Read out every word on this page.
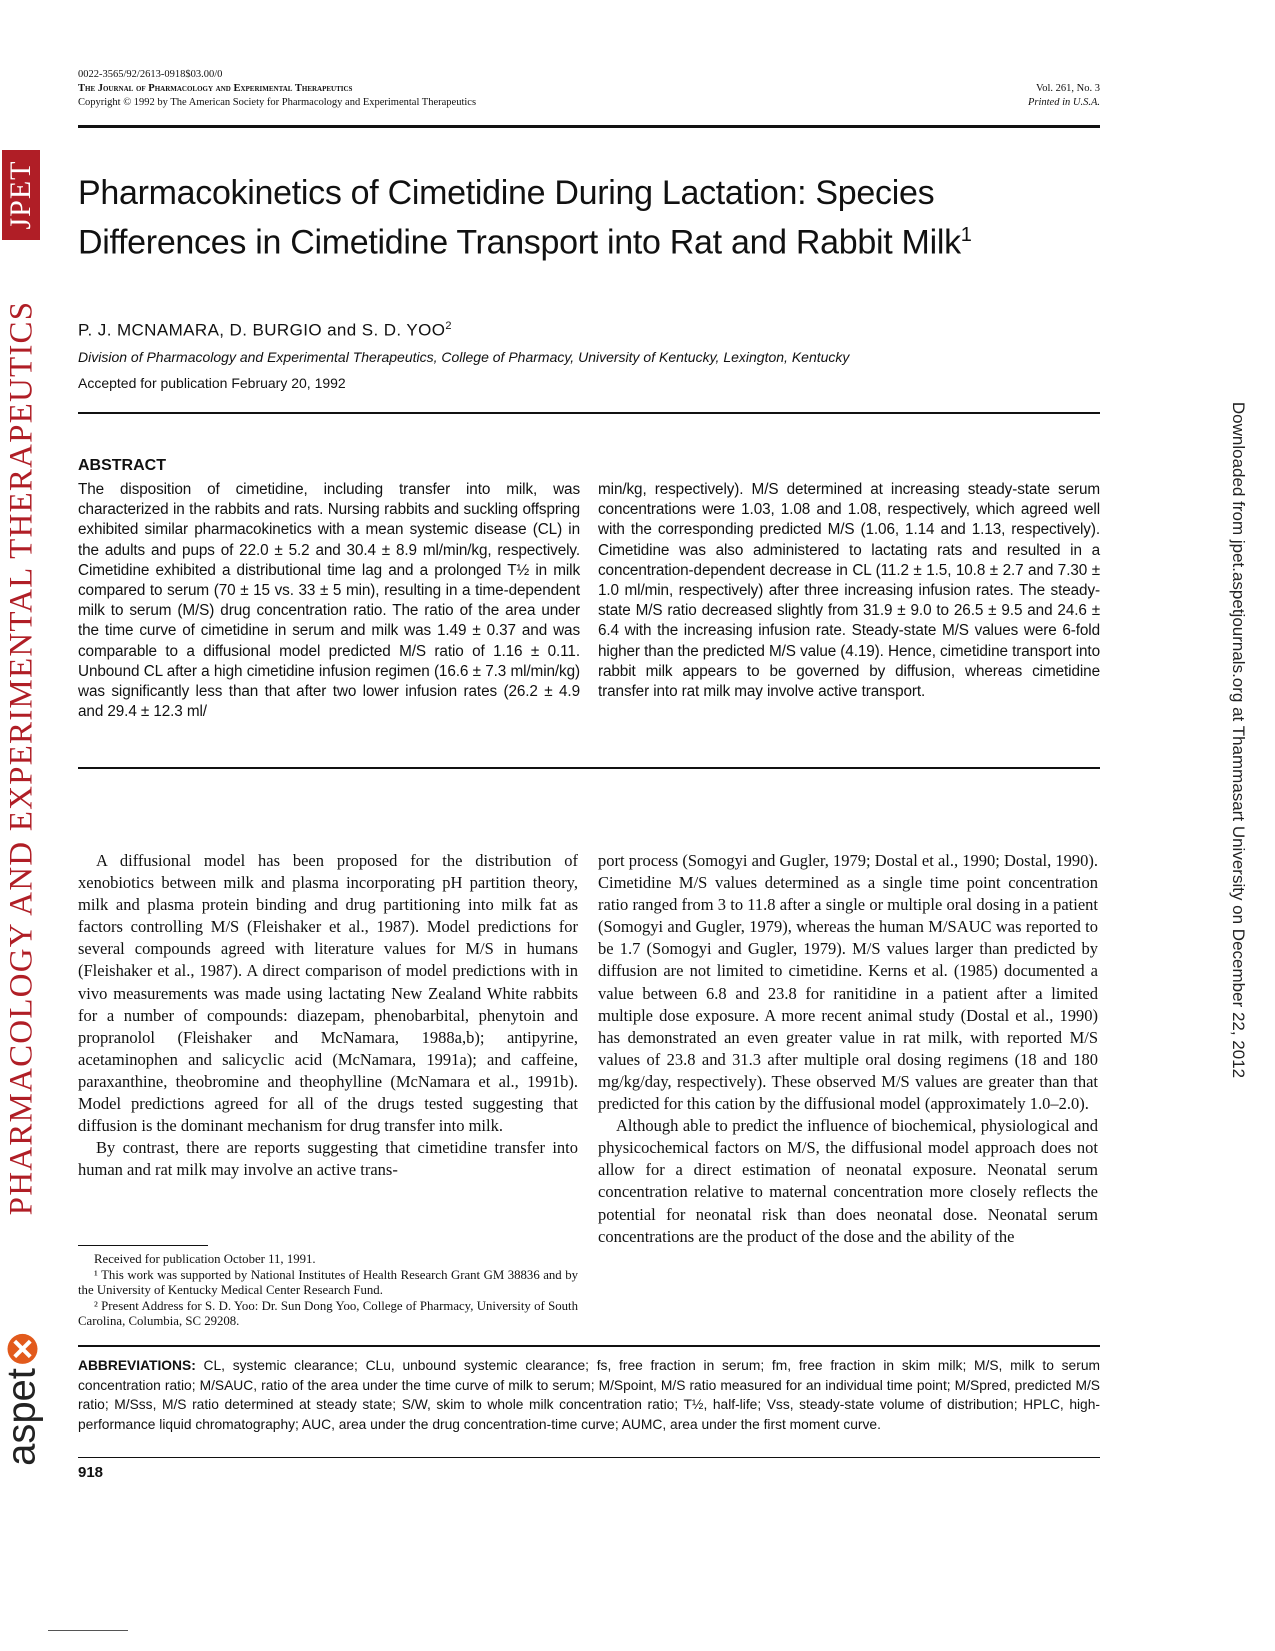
JPET
PHARMACOLOGY AND EXPERIMENTAL THERAPEUTICS
aspet
Downloaded from jpet.aspetjournals.org at Thammasart University on December 22, 2012
0022-3565/92/2613-0918$03.00/0
The Journal of Pharmacology and Experimental Therapeutics
Copyright © 1992 by The American Society for Pharmacology and Experimental Therapeutics
Vol. 261, No. 3
Printed in U.S.A.
Pharmacokinetics of Cimetidine During Lactation: Species Differences in Cimetidine Transport into Rat and Rabbit Milk$^1$
P. J. MCNAMARA, D. BURGIO and S. D. YOO$^2$
Division of Pharmacology and Experimental Therapeutics, College of Pharmacy, University of Kentucky, Lexington, Kentucky
Accepted for publication February 20, 1992
ABSTRACT
The disposition of cimetidine, including transfer into milk, was characterized in the rabbits and rats. Nursing rabbits and suckling offspring exhibited similar pharmacokinetics with a mean systemic disease (CL) in the adults and pups of 22.0 ± 5.2 and 30.4 ± 8.9 ml/min/kg, respectively. Cimetidine exhibited a distributional time lag and a prolonged T½ in milk compared to serum (70 ± 15 vs. 33 ± 5 min), resulting in a time-dependent milk to serum (M/S) drug concentration ratio. The ratio of the area under the time curve of cimetidine in serum and milk was 1.49 ± 0.37 and was comparable to a diffusional model predicted M/S ratio of 1.16 ± 0.11. Unbound CL after a high cimetidine infusion regimen (16.6 ± 7.3 ml/min/kg) was significantly less than that after two lower infusion rates (26.2 ± 4.9 and 29.4 ± 12.3 ml/
min/kg, respectively). M/S determined at increasing steady-state serum concentrations were 1.03, 1.08 and 1.08, respectively, which agreed well with the corresponding predicted M/S (1.06, 1.14 and 1.13, respectively). Cimetidine was also administered to lactating rats and resulted in a concentration-dependent decrease in CL (11.2 ± 1.5, 10.8 ± 2.7 and 7.30 ± 1.0 ml/min, respectively) after three increasing infusion rates. The steady-state M/S ratio decreased slightly from 31.9 ± 9.0 to 26.5 ± 9.5 and 24.6 ± 6.4 with the increasing infusion rate. Steady-state M/S values were 6-fold higher than the predicted M/S value (4.19). Hence, cimetidine transport into rabbit milk appears to be governed by diffusion, whereas cimetidine transfer into rat milk may involve active transport.

A diffusional model has been proposed for the distribution of xenobiotics between milk and plasma incorporating pH partition theory, milk and plasma protein binding and drug partitioning into milk fat as factors controlling M/S (Fleishaker et al., 1987). Model predictions for several compounds agreed with literature values for M/S in humans (Fleishaker et al., 1987). A direct comparison of model predictions with in vivo measurements was made using lactating New Zealand White rabbits for a number of compounds: diazepam, phenobarbital, phenytoin and propranolol (Fleishaker and McNamara, 1988a,b); antipyrine, acetaminophen and salicyclic acid (McNamara, 1991a); and caffeine, paraxanthine, theobromine and theophylline (McNamara et al., 1991b). Model predictions agreed for all of the drugs tested suggesting that diffusion is the dominant mechanism for drug transfer into milk.

By contrast, there are reports suggesting that cimetidine transfer into human and rat milk may involve an active trans-

port process (Somogyi and Gugler, 1979; Dostal et al., 1990; Dostal, 1990). Cimetidine M/S values determined as a single time point concentration ratio ranged from 3 to 11.8 after a single or multiple oral dosing in a patient (Somogyi and Gugler, 1979), whereas the human M/SAUC was reported to be 1.7 (Somogyi and Gugler, 1979). M/S values larger than predicted by diffusion are not limited to cimetidine. Kerns et al. (1985) documented a value between 6.8 and 23.8 for ranitidine in a patient after a limited multiple dose exposure. A more recent animal study (Dostal et al., 1990) has demonstrated an even greater value in rat milk, with reported M/S values of 23.8 and 31.3 after multiple oral dosing regimens (18 and 180 mg/kg/day, respectively). These observed M/S values are greater than that predicted for this cation by the diffusional model (approximately 1.0–2.0).

Although able to predict the influence of biochemical, physiological and physicochemical factors on M/S, the diffusional model approach does not allow for a direct estimation of neonatal exposure. Neonatal serum concentration relative to maternal concentration more closely reflects the potential for neonatal risk than does neonatal dose. Neonatal serum concentrations are the product of the dose and the ability of the

Received for publication October 11, 1991.

¹ This work was supported by National Institutes of Health Research Grant GM 38836 and by the University of Kentucky Medical Center Research Fund.

² Present Address for S. D. Yoo: Dr. Sun Dong Yoo, College of Pharmacy, University of South Carolina, Columbia, SC 29208.

ABBREVIATIONS: CL, systemic clearance; CLu, unbound systemic clearance; fs, free fraction in serum; fm, free fraction in skim milk; M/S, milk to serum concentration ratio; M/SAUC, ratio of the area under the time curve of milk to serum; M/Spoint, M/S ratio measured for an individual time point; M/Spred, predicted M/S ratio; M/Sss, M/S ratio determined at steady state; S/W, skim to whole milk concentration ratio; T½, half-life; Vss, steady-state volume of distribution; HPLC, high-performance liquid chromatography; AUC, area under the drug concentration-time curve; AUMC, area under the first moment curve.
918
